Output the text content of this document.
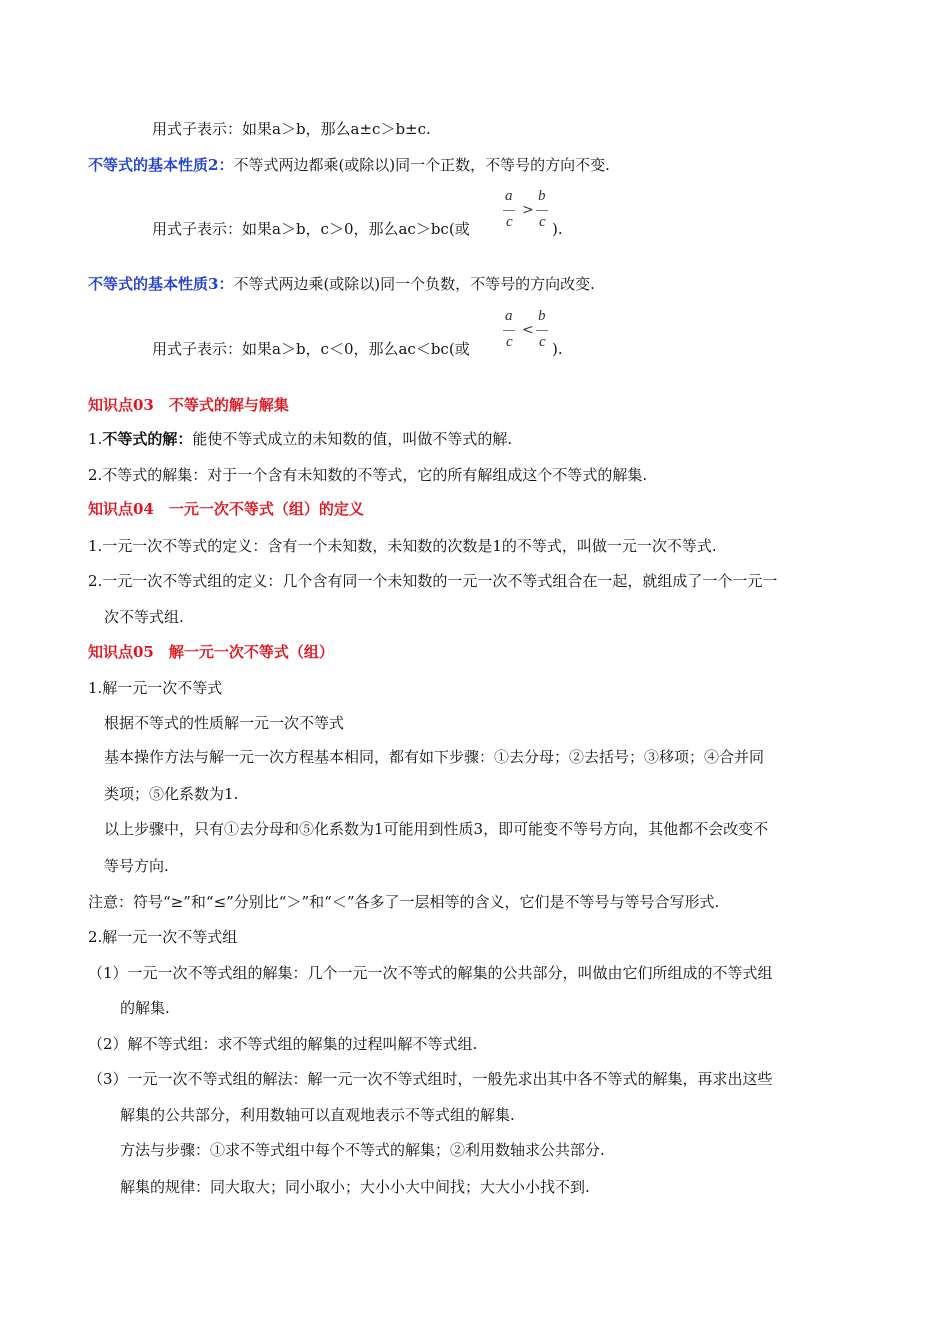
用式子表示：如果a＞b，那么a±c＞b±c.
不等式的基本性质2：不等式两边都乘(或除以)同一个正数，不等号的方向不变.
a
c
>
b
c
用式子表示：如果a＞b，c＞0，那么ac＞bc(或	).
不等式的基本性质3：不等式两边乘(或除以)同一个负数，不等号的方向改变.
a
c
<
b
c
用式子表示：如果a＞b，c＜0，那么ac＜bc(或	).
知识点03　不等式的解与解集
1.不等式的解：能使不等式成立的未知数的值，叫做不等式的解.
2.不等式的解集：对于一个含有未知数的不等式，它的所有解组成这个不等式的解集.
知识点04　一元一次不等式（组）的定义
1.一元一次不等式的定义：含有一个未知数，未知数的次数是1的不等式，叫做一元一次不等式.
2.一元一次不等式组的定义：几个含有同一个未知数的一元一次不等式组合在一起，就组成了一个一元一
次不等式组.
知识点05　解一元一次不等式（组）
1.解一元一次不等式
根据不等式的性质解一元一次不等式
基本操作方法与解一元一次方程基本相同，都有如下步骤：①去分母；②去括号；③移项；④合并同
类项；⑤化系数为1.
以上步骤中，只有①去分母和⑤化系数为1可能用到性质3，即可能变不等号方向，其他都不会改变不
等号方向.
注意：符号“≥”和“≤”分别比“＞”和“＜”各多了一层相等的含义，它们是不等号与等号合写形式.
2.解一元一次不等式组
（1）一元一次不等式组的解集：几个一元一次不等式的解集的公共部分，叫做由它们所组成的不等式组
的解集.
（2）解不等式组：求不等式组的解集的过程叫解不等式组.
（3）一元一次不等式组的解法：解一元一次不等式组时，一般先求出其中各不等式的解集，再求出这些
解集的公共部分，利用数轴可以直观地表示不等式组的解集.
方法与步骤：①求不等式组中每个不等式的解集；②利用数轴求公共部分.
解集的规律：同大取大；同小取小；大小小大中间找；大大小小找不到.
